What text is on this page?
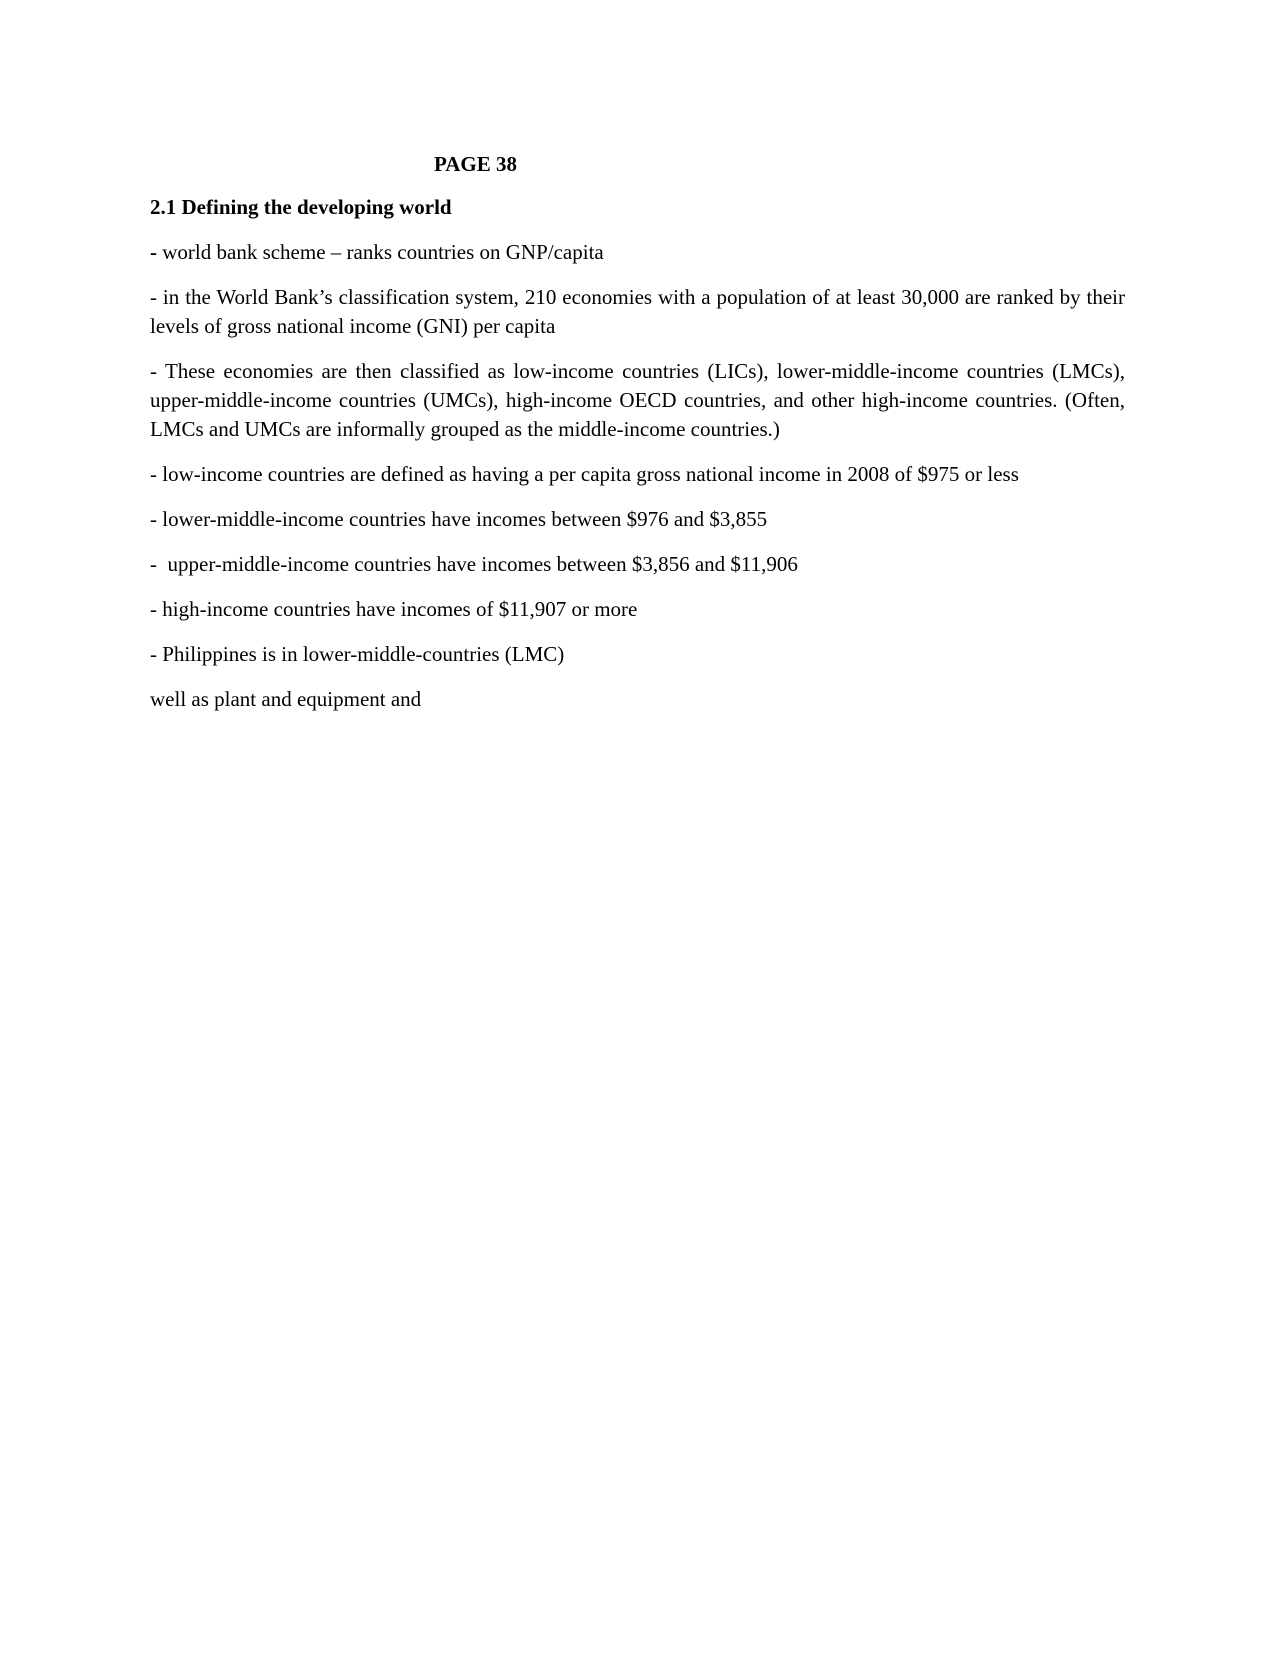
PAGE 38
2.1 Defining the developing world

- world bank scheme – ranks countries on GNP/capita

- in the World Bank’s classification system, 210 economies with a population of at least 30,000 are ranked by their levels of gross national income (GNI) per capita

- These economies are then classified as low-income countries (LICs), lower-middle-income countries (LMCs), upper-middle-income countries (UMCs), high-income OECD countries, and other high-income countries. (Often, LMCs and UMCs are informally grouped as the middle-income countries.)

- low-income countries are defined as having a per capita gross national income in 2008 of $975 or less

- lower-middle-income countries have incomes between $976 and $3,855

-  upper-middle-income countries have incomes between $3,856 and $11,906

- high-income countries have incomes of $11,907 or more

- Philippines is in lower-middle-countries (LMC)

well as plant and equipment and
